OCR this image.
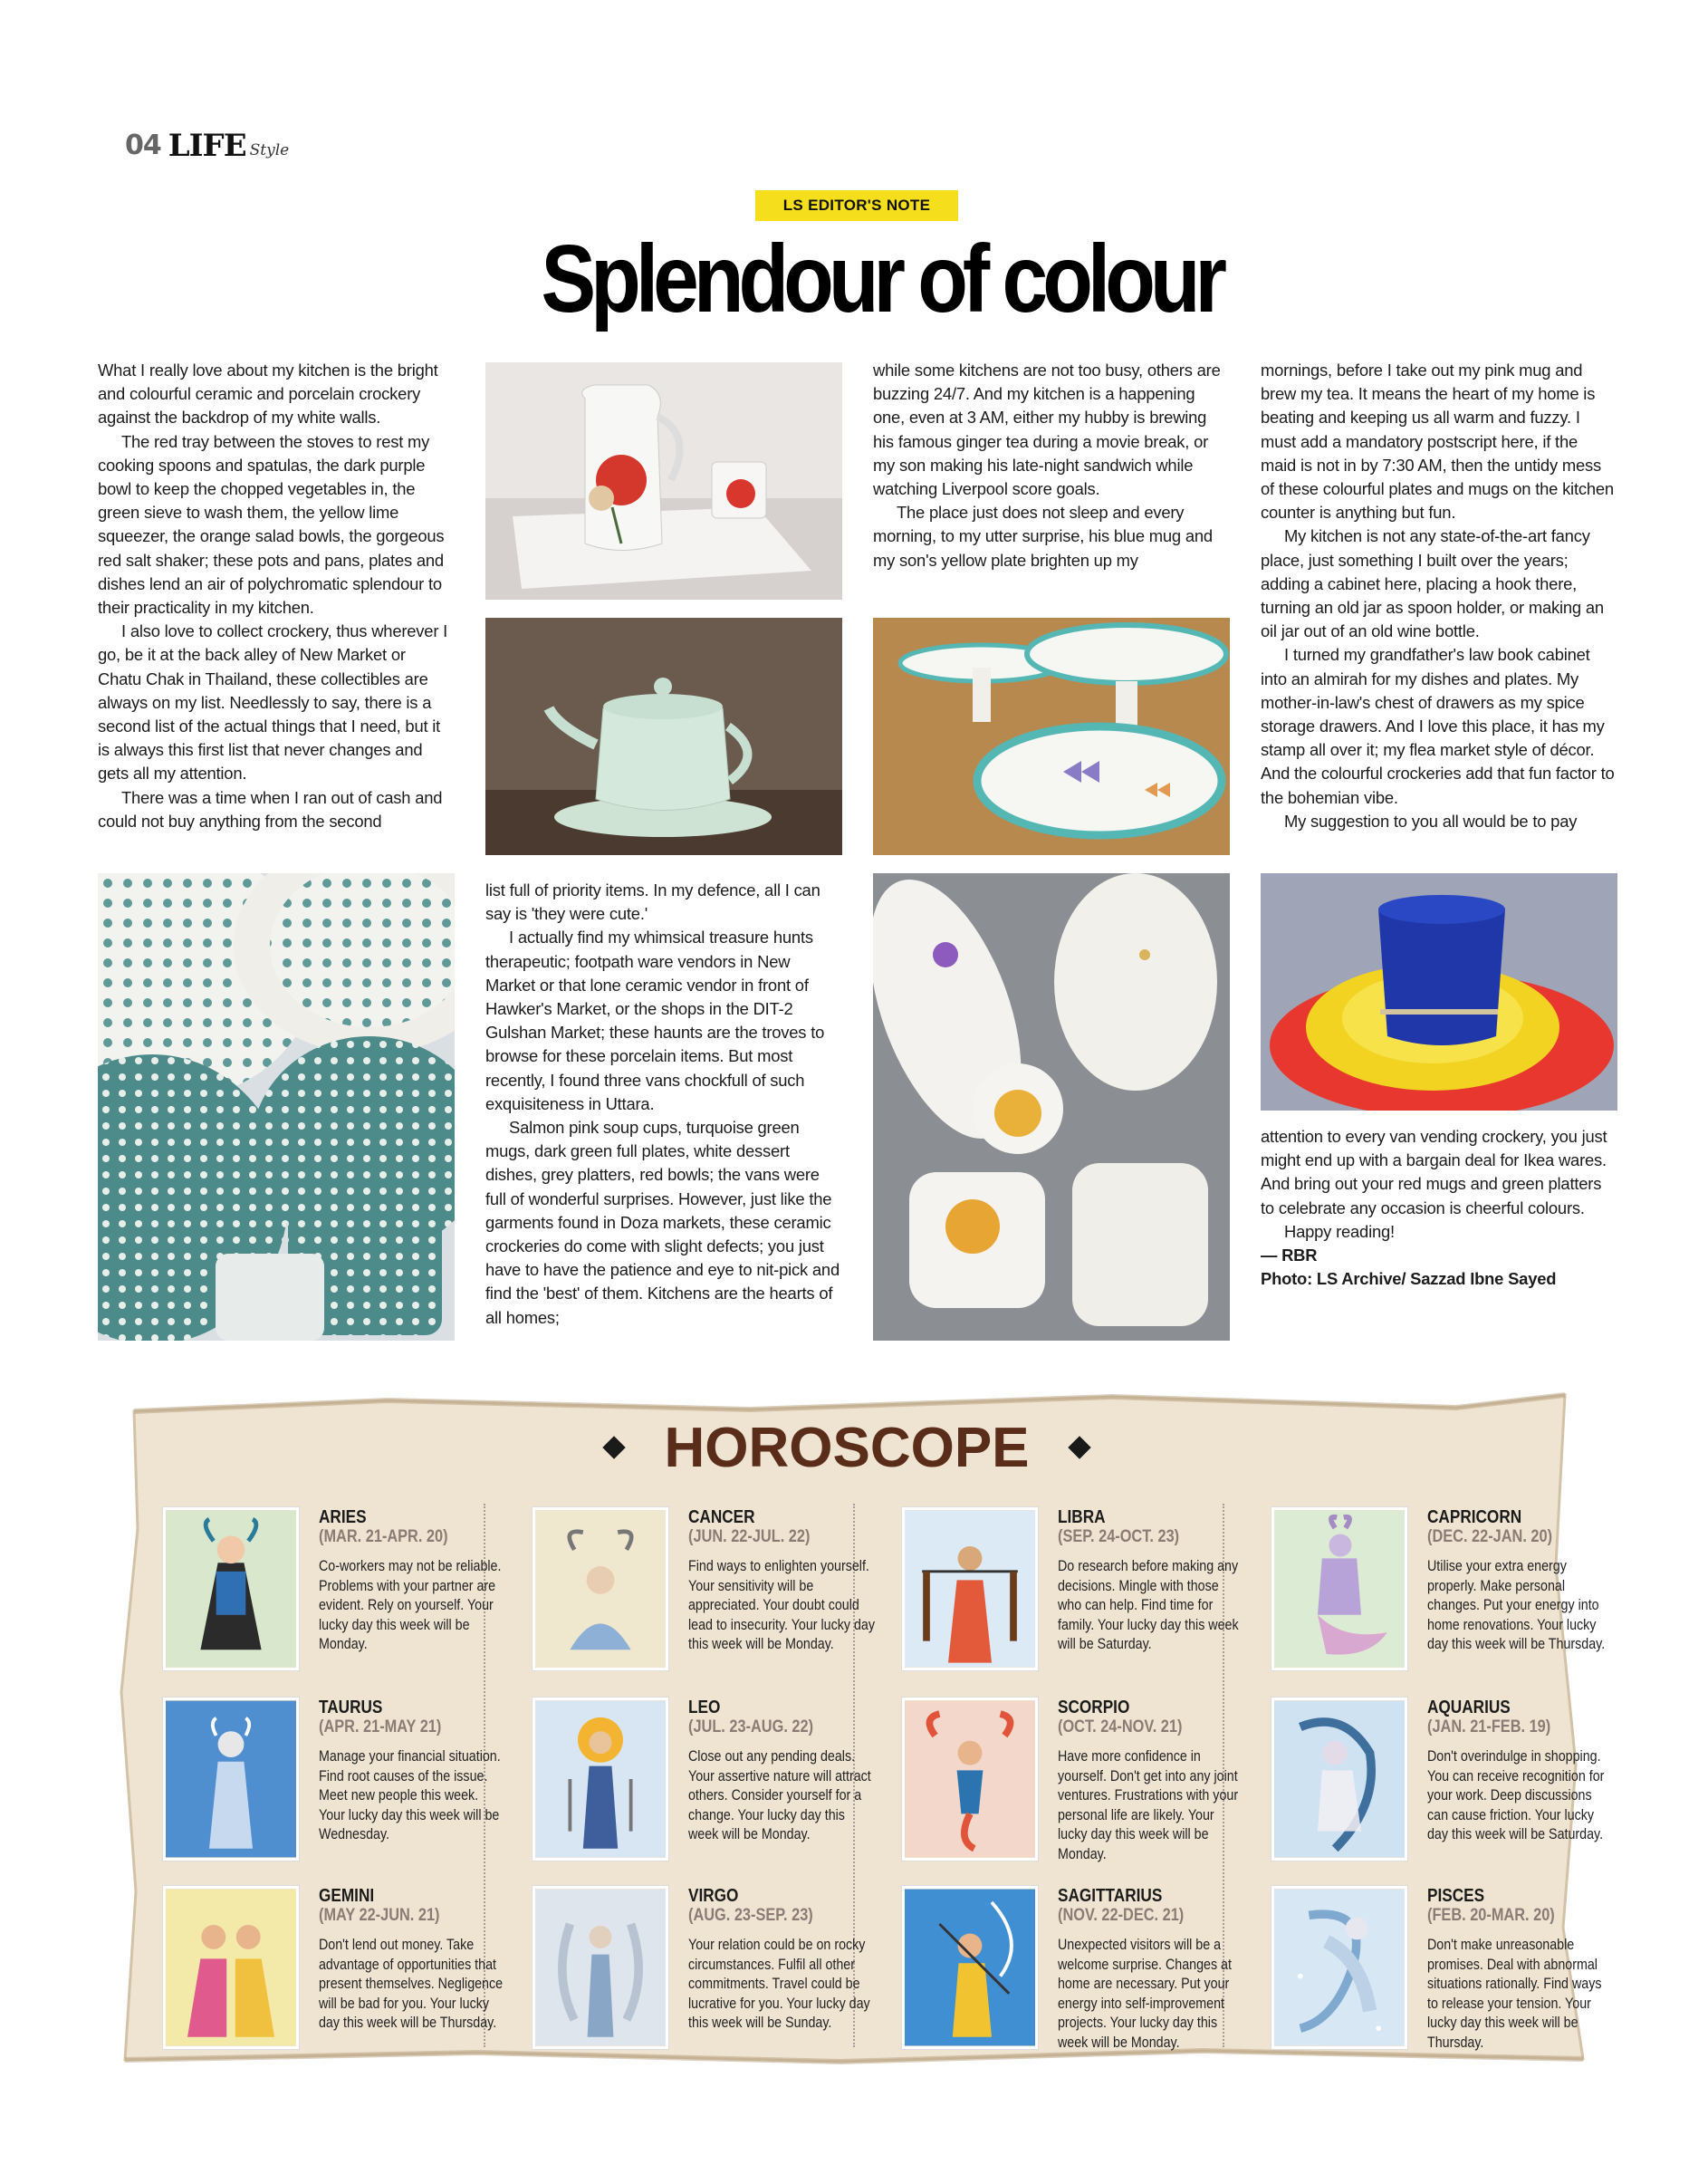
04 LIFE Style
LS EDITOR'S NOTE
Splendour of colour

What I really love about my kitchen is the bright and colourful ceramic and porcelain crockery against the backdrop of my white walls.

The red tray between the stoves to rest my cooking spoons and spatulas, the dark purple bowl to keep the chopped vegetables in, the green sieve to wash them, the yellow lime squeezer, the orange salad bowls, the gorgeous red salt shaker; these pots and pans, plates and dishes lend an air of polychromatic splendour to their practicality in my kitchen.

I also love to collect crockery, thus wherever I go, be it at the back alley of New Market or Chatu Chak in Thailand, these collectibles are always on my list. Needlessly to say, there is a second list of the actual things that I need, but it is always this first list that never changes and gets all my attention.

There was a time when I ran out of cash and could not buy anything from the second

list full of priority items. In my defence, all I can say is 'they were cute.'

I actually find my whimsical treasure hunts therapeutic; footpath ware vendors in New Market or that lone ceramic vendor in front of Hawker's Market, or the shops in the DIT-2 Gulshan Market; these haunts are the troves to browse for these porcelain items. But most recently, I found three vans chockfull of such exquisiteness in Uttara.

Salmon pink soup cups, turquoise green mugs, dark green full plates, white dessert dishes, grey platters, red bowls; the vans were full of wonderful surprises. However, just like the garments found in Doza markets, these ceramic crockeries do come with slight defects; you just have to have the patience and eye to nit-pick and find the 'best' of them. Kitchens are the hearts of all homes;

while some kitchens are not too busy, others are buzzing 24/7. And my kitchen is a happening one, even at 3 AM, either my hubby is brewing his famous ginger tea during a movie break, or my son making his late-night sandwich while watching Liverpool score goals.

The place just does not sleep and every morning, to my utter surprise, his blue mug and my son's yellow plate brighten up my

mornings, before I take out my pink mug and brew my tea. It means the heart of my home is beating and keeping us all warm and fuzzy. I must add a mandatory postscript here, if the maid is not in by 7:30 AM, then the untidy mess of these colourful plates and mugs on the kitchen counter is anything but fun.

My kitchen is not any state-of-the-art fancy place, just something I built over the years; adding a cabinet here, placing a hook there, turning an old jar as spoon holder, or making an oil jar out of an old wine bottle.

I turned my grandfather's law book cabinet into an almirah for my dishes and plates. My mother-in-law's chest of drawers as my spice storage drawers. And I love this place, it has my stamp all over it; my flea market style of décor. And the colourful crockeries add that fun factor to the bohemian vibe.

My suggestion to you all would be to pay

attention to every van vending crockery, you just might end up with a bargain deal for Ikea wares. And bring out your red mugs and green platters to celebrate any occasion is cheerful colours.

Happy reading!

— RBR

Photo: LS Archive/ Sazzad Ibne Sayed

HOROSCOPE
ARIES
(MAR. 21-APR. 20)
Co-workers may not be reliable. Problems with your partner are evident. Rely on yourself. Your lucky day this week will be Monday.
TAURUS
(APR. 21-MAY 21)
Manage your financial situation. Find root causes of the issue. Meet new people this week. Your lucky day this week will be Wednesday.
GEMINI
(MAY 22-JUN. 21)
Don't lend out money. Take advantage of opportunities that present themselves. Negligence will be bad for you. Your lucky day this week will be Thursday.
CANCER
(JUN. 22-JUL. 22)
Find ways to enlighten yourself. Your sensitivity will be appreciated. Your doubt could lead to insecurity. Your lucky day this week will be Monday.
LEO
(JUL. 23-AUG. 22)
Close out any pending deals. Your assertive nature will attract others. Consider yourself for a change. Your lucky day this week will be Monday.
VIRGO
(AUG. 23-SEP. 23)
Your relation could be on rocky circumstances. Fulfil all other commitments. Travel could be lucrative for you. Your lucky day this week will be Sunday.
LIBRA
(SEP. 24-OCT. 23)
Do research before making any decisions. Mingle with those who can help. Find time for family. Your lucky day this week will be Saturday.
SCORPIO
(OCT. 24-NOV. 21)
Have more confidence in yourself. Don't get into any joint ventures. Frustrations with your personal life are likely. Your lucky day this week will be Monday.
SAGITTARIUS
(NOV. 22-DEC. 21)
Unexpected visitors will be a welcome surprise. Changes at home are necessary. Put your energy into self-improvement projects. Your lucky day this week will be Monday.
CAPRICORN
(DEC. 22-JAN. 20)
Utilise your extra energy properly. Make personal changes. Put your energy into home renovations. Your lucky day this week will be Thursday.
AQUARIUS
(JAN. 21-FEB. 19)
Don't overindulge in shopping. You can receive recognition for your work. Deep discussions can cause friction. Your lucky day this week will be Saturday.
PISCES
(FEB. 20-MAR. 20)
Don't make unreasonable promises. Deal with abnormal situations rationally. Find ways to release your tension. Your lucky day this week will be Thursday.
